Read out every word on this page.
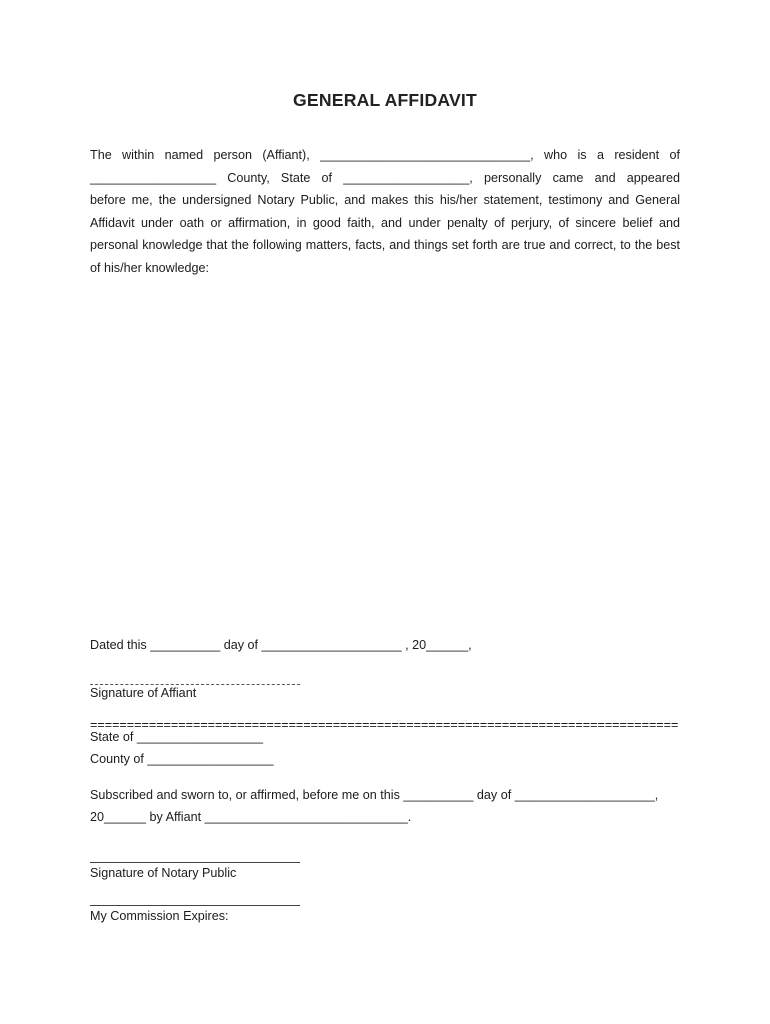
GENERAL AFFIDAVIT
The within named person (Affiant), ______________________________, who is a resident of
__________________ County, State of __________________, personally came and appeared
before me, the undersigned Notary Public, and makes this his/her statement, testimony and General
Affidavit under oath or affirmation, in good faith, and under penalty of perjury, of sincere belief and
personal knowledge that the following matters, facts, and things set forth are true and correct, to the best
of his/her knowledge:
Dated this __________ day of ____________________ , 20______,
Signature of Affiant
================================================================================
State of __________________
County of __________________
Subscribed and sworn to, or affirmed, before me on this __________ day of ____________________,
20______ by Affiant _____________________________.
Signature of Notary Public
My Commission Expires:
